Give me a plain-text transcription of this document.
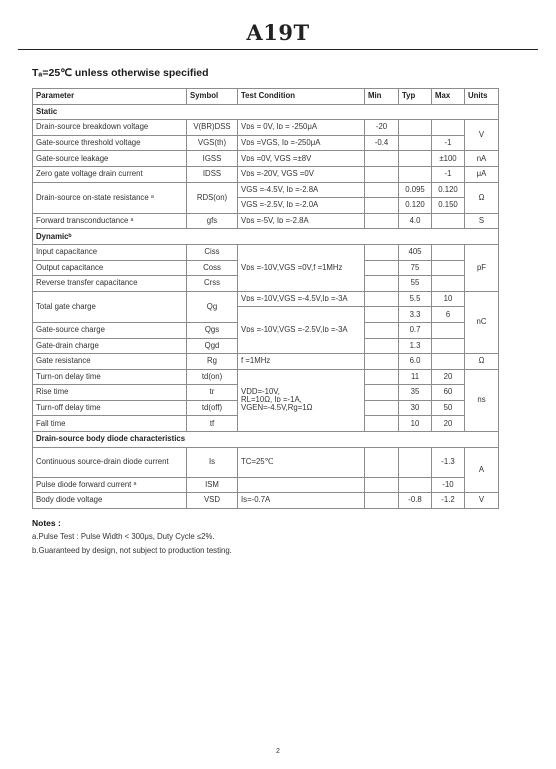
A19T
Tₐ=25℃ unless otherwise specified
Parameter	Symbol	Test Condition	Min	Typ	Max	Units
Static						
Drain-source breakdown voltage	V(BR)DSS	Vᴅs = 0V, Iᴅ = -250μA	-20			V
Gate-source threshold voltage	VGS(th)	Vᴅs =VGS, Iᴅ =-250μA	-0.4		-1	
Gate-source leakage	IGSS	Vᴅs =0V, VGS =±8V			±100	nA
Zero gate voltage drain current	IDSS	Vᴅs =-20V, VGS =0V			-1	μA
Drain-source on-state resistance ᵃ	RDS(on)	VGS =-4.5V, Iᴅ =-2.8A		0.095	0.120	Ω
		VGS =-2.5V, Iᴅ =-2.0A		0.120	0.150	
Forward transconductance ᵃ	gfs	Vᴅs =-5V, Iᴅ =-2.8A		4.0		S
Dynamicᵇ						
Input capacitance	Ciss	Vᴅs =-10V,VGS =0V,f =1MHz		405		pF
Output capacitance	Coss			75		
Reverse transfer capacitance	Crss			55		
Total gate charge	Qg	Vᴅs =-10V,VGS =-4.5V,Iᴅ =-3A		5.5	10	nC
		Vᴅs =-10V,VGS =-2.5V,Iᴅ =-3A		3.3	6	
Gate-source charge	Qgs			0.7		
Gate-drain charge	Qgd			1.3		
Gate resistance	Rg	f =1MHz		6.0		Ω
Turn-on delay time	td(on)	VDD=-10V,
RL=10Ω, Iᴅ =-1A,
VGEN=-4.5V,Rg=1Ω		11	20	ns
Rise time	tr			35	60	
Turn-off delay time	td(off)			30	50	
Fall time	tf			10	20	
Drain-source body diode characteristics						
Continuous source-drain diode current	Is	TC=25℃			-1.3	A
Pulse diode forward current ᵃ	ISM				-10	
Body diode voltage	VSD	Is=-0.7A		-0.8	-1.2	V
Notes :
a.Pulse Test : Pulse Width < 300μs, Duty Cycle ≤2%.
b.Guaranteed by design, not subject to production testing.
2
